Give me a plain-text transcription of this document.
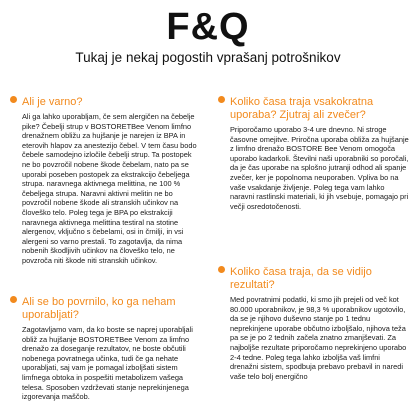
F&Q
Tukaj je nekaj pogostih vprašanj potrošnikov
Ali je varno?
Ali ga lahko uporabljam, če sem alergičen na čebelje pike? Čebelji strup v BOSTORETBee Venom limfno drenažnem obližu za hujšanje je narejen iz BPA in eterovih hlapov za anestezijo čebel. V tem času bodo čebele samodejno izločile čebelji strup. Ta postopek ne bo povzročil nobene škode čebelam, nato pa se uporabi poseben postopek za ekstrakcijo čebeljega strupa. naravnega aktivnega melittina, ne 100 % čebeljega strupa. Naravni aktivni melitin ne bo povzročil nobene škode ali stranskih učinkov na človeško telo. Poleg tega je BPA po ekstrakciji naravnega aktivnega melittina testiral na stotine alergenov, vključno s čebelami, osi in črnilji, in vsi alergeni so varno prestali. To zagotavlja, da nima nobenih škodljivih učinkov na človeško telo, ne povzroča niti škode niti stranskih učinkov.
Ali se bo povrnilo, ko ga neham uporabljati?
Zagotavljamo vam, da ko boste se naprej uporabljali obliž za hujšanje BOSTORETBee Venom za limfno drenažo za doseganje rezultatov, ne boste občutili nobenega povratnega učinka, tudi če ga nehate uporabljati, saj vam je pomagal izboljšati sistem limfnega obtoka in pospešiti metabolizem vašega telesa. Sposoben vzdrževati stanje neprekinjenega izgorevanja maščob.
Koliko časa traja vsakokratna uporaba? Zjutraj ali zvečer?
Priporočamo uporabo 3-4 ure dnevno. Ni stroge časovne omejitve. Priročna uporaba obliža za hujšanje z limfno drenažo BOSTORE Bee Venom omogoča uporabo kadarkoli. Številni naši uporabniki so poročali, da je čas uporabe na splošno jutranji odhod ali spanje zvečer, ker je popolnoma neuporaben. Vpliva bo na vaše vsakdanje življenje. Poleg tega vam lahko naravni rastlinski materiali, ki jih vsebuje, pomagajo pri večji osredotočenosti.
Koliko časa traja, da se vidijo rezultati?
Med povratnimi podatki, ki smo jih prejeli od več kot 80.000 uporabnikov, je 98,3 % uporabnikov ugotovilo, da se je njihovo duševno stanje po 1 tednu neprekinjene uporabe občutno izboljšalo, njihova teža pa se je po 2 tednih začela znatno zmanjševati. Za najboljše rezultate priporočamo neprekinjeno uporabo 2-4 tedne. Poleg tega lahko izboljša vaš limfni drenažni sistem, spodbuja prebavo prebavil in naredi vaše telo bolj energično
